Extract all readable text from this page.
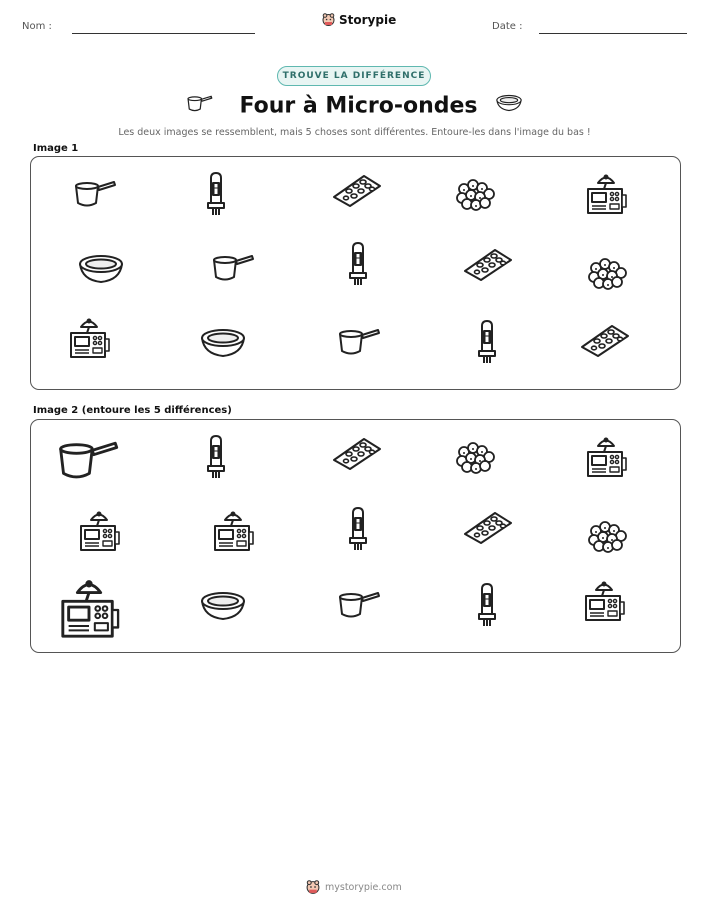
Nom :	Storypie	Date :
TROUVE LA DIFFÉRENCE
Four à Micro-ondes
Les deux images se ressemblent, mais 5 choses sont différentes. Entoure-les dans l'image du bas !
Image 1
Image 2 (entoure les 5 différences)
mystorypie.com
